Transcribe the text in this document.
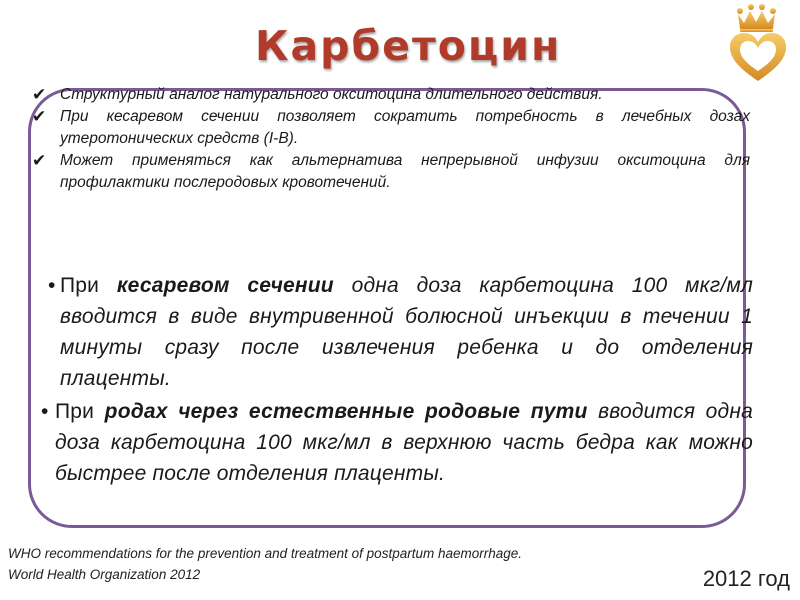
Карбетоцин
✔ Структурный аналог натурального окситоцина длительного действия.
✔ При кесаревом сечении позволяет сократить потребность в лечебных дозах утеротонических средств (I-B).
✔ Может применяться как альтернатива непрерывной инфузии окситоцина для профилактики послеродовых кровотечений.
• При кесаревом сечении одна доза карбетоцина 100 мкг/мл вводится в виде внутривенной болюсной инъекции в течении 1 минуты сразу после извлечения ребенка и до отделения плаценты.
• При родах через естественные родовые пути вводится одна доза карбетоцина 100 мкг/мл в верхнюю часть бедра как можно быстрее после отделения плаценты.
WHO recommendations for the prevention and treatment of postpartum haemorrhage.
World Health Organization 2012	2012 год
